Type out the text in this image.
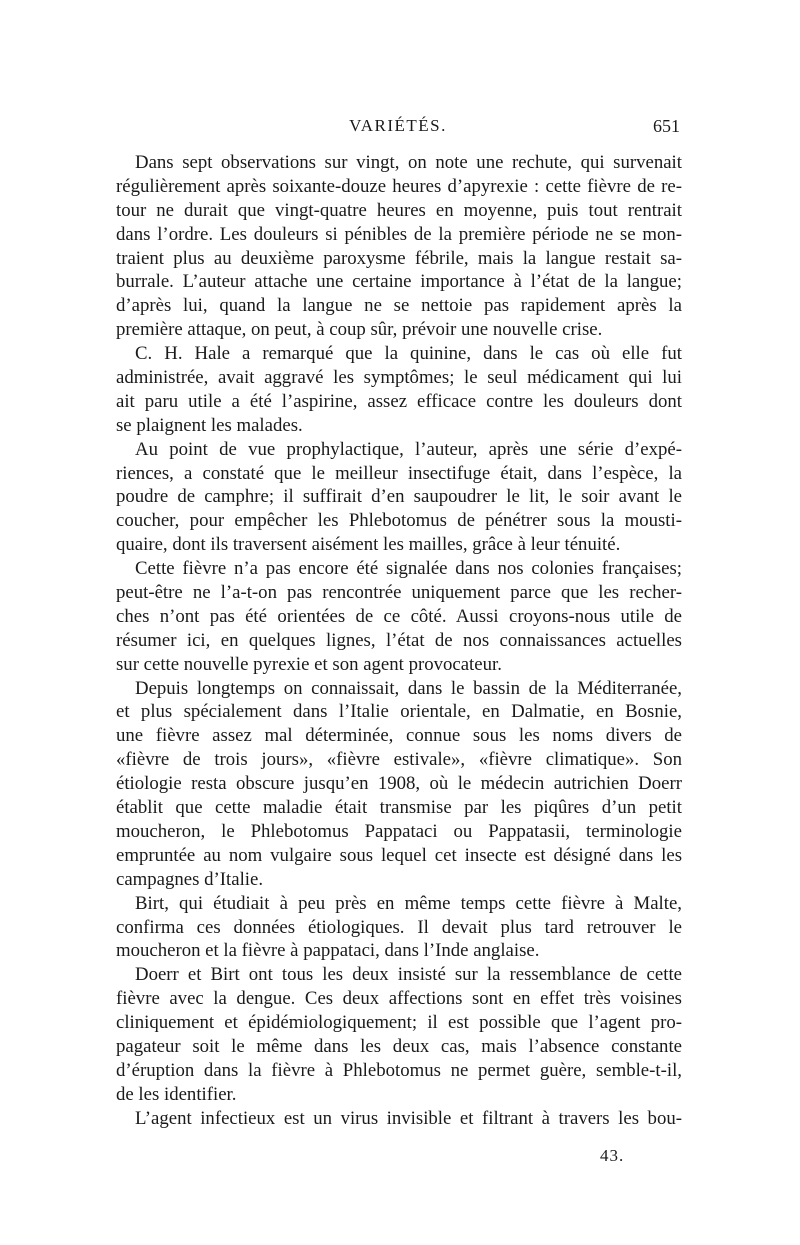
VARIÉTÉS.	651
Dans sept observations sur vingt, on note une rechute, qui survenait
régulièrement après soixante-douze heures d’apyrexie : cette fièvre de re-
tour ne durait que vingt-quatre heures en moyenne, puis tout rentrait
dans l’ordre. Les douleurs si pénibles de la première période ne se mon-
traient plus au deuxième paroxysme fébrile, mais la langue restait sa-
burrale. L’auteur attache une certaine importance à l’état de la langue;
d’après lui, quand la langue ne se nettoie pas rapidement après la
première attaque, on peut, à coup sûr, prévoir une nouvelle crise.
C. H. Hale a remarqué que la quinine, dans le cas où elle fut
administrée, avait aggravé les symptômes; le seul médicament qui lui
ait paru utile a été l’aspirine, assez efficace contre les douleurs dont
se plaignent les malades.
Au point de vue prophylactique, l’auteur, après une série d’expé-
riences, a constaté que le meilleur insectifuge était, dans l’espèce, la
poudre de camphre; il suffirait d’en saupoudrer le lit, le soir avant le
coucher, pour empêcher les Phlebotomus de pénétrer sous la mousti-
quaire, dont ils traversent aisément les mailles, grâce à leur ténuité.
Cette fièvre n’a pas encore été signalée dans nos colonies françaises;
peut-être ne l’a-t-on pas rencontrée uniquement parce que les recher-
ches n’ont pas été orientées de ce côté. Aussi croyons-nous utile de
résumer ici, en quelques lignes, l’état de nos connaissances actuelles
sur cette nouvelle pyrexie et son agent provocateur.
Depuis longtemps on connaissait, dans le bassin de la Méditerranée,
et plus spécialement dans l’Italie orientale, en Dalmatie, en Bosnie,
une fièvre assez mal déterminée, connue sous les noms divers de
«fièvre de trois jours», «fièvre estivale», «fièvre climatique». Son
étiologie resta obscure jusqu’en 1908, où le médecin autrichien Doerr
établit que cette maladie était transmise par les piqûres d’un petit
moucheron, le Phlebotomus Pappataci ou Pappatasii, terminologie
empruntée au nom vulgaire sous lequel cet insecte est désigné dans les
campagnes d’Italie.
Birt, qui étudiait à peu près en même temps cette fièvre à Malte,
confirma ces données étiologiques. Il devait plus tard retrouver le
moucheron et la fièvre à pappataci, dans l’Inde anglaise.
Doerr et Birt ont tous les deux insisté sur la ressemblance de cette
fièvre avec la dengue. Ces deux affections sont en effet très voisines
cliniquement et épidémiologiquement; il est possible que l’agent pro-
pagateur soit le même dans les deux cas, mais l’absence constante
d’éruption dans la fièvre à Phlebotomus ne permet guère, semble-t-il,
de les identifier.
L’agent infectieux est un virus invisible et filtrant à travers les bou-
43.
